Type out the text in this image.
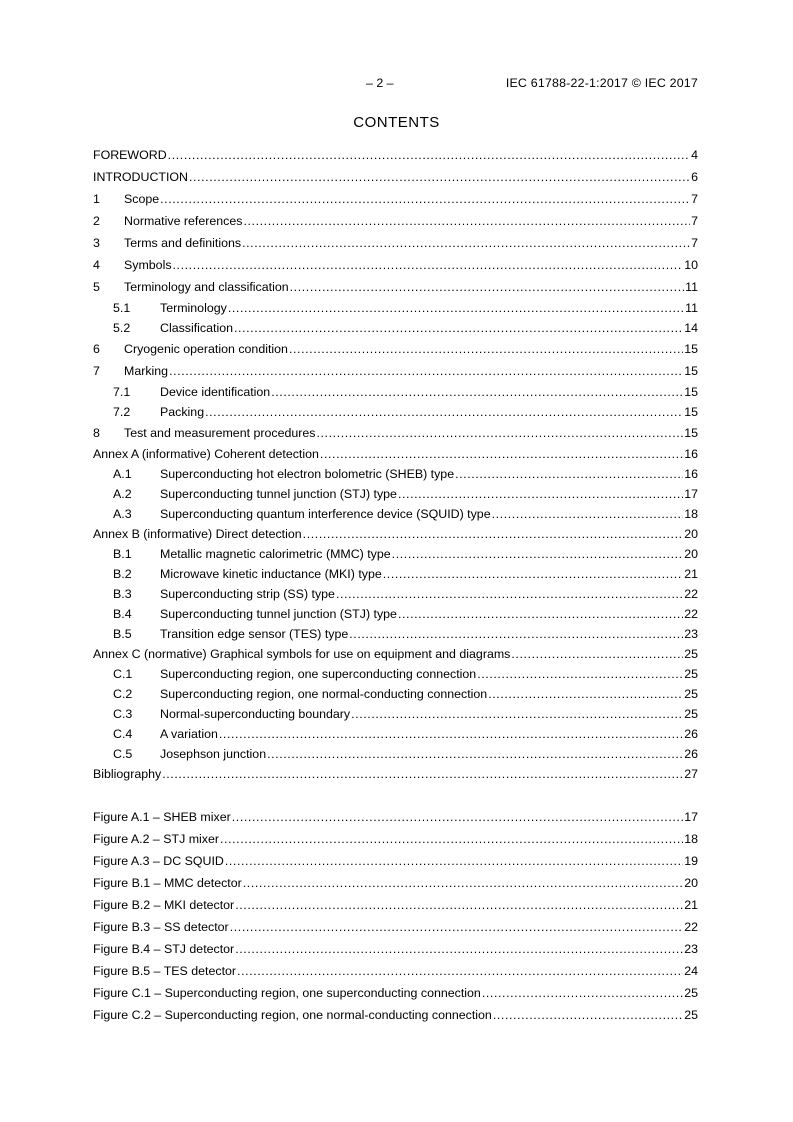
– 2 –	IEC 61788-22-1:2017 © IEC 2017
CONTENTS
FOREWORD .....	4
INTRODUCTION .....	6
1	Scope .....	7
2	Normative references .....	7
3	Terms and definitions .....	7
4	Symbols .....	10
5	Terminology and classification .....	11
5.1	Terminology .....	11
5.2	Classification .....	14
6	Cryogenic operation condition .....	15
7	Marking .....	15
7.1	Device identification .....	15
7.2	Packing .....	15
8	Test and measurement procedures .....	15
Annex A (informative) Coherent detection .....	16
A.1	Superconducting hot electron bolometric (SHEB) type .....	16
A.2	Superconducting tunnel junction (STJ) type .....	17
A.3	Superconducting quantum interference device (SQUID) type .....	18
Annex B (informative) Direct detection .....	20
B.1	Metallic magnetic calorimetric (MMC) type .....	20
B.2	Microwave kinetic inductance (MKI) type .....	21
B.3	Superconducting strip (SS) type .....	22
B.4	Superconducting tunnel junction (STJ) type .....	22
B.5	Transition edge sensor (TES) type .....	23
Annex C (normative) Graphical symbols for use on equipment and diagrams .....	25
C.1	Superconducting region, one superconducting connection .....	25
C.2	Superconducting region, one normal-conducting connection .....	25
C.3	Normal-superconducting boundary .....	25
C.4	A variation .....	26
C.5	Josephson junction .....	26
Bibliography .....	27
Figure A.1 – SHEB mixer .....	17
Figure A.2 – STJ mixer .....	18
Figure A.3 – DC SQUID .....	19
Figure B.1 – MMC detector .....	20
Figure B.2 – MKI detector .....	21
Figure B.3 – SS detector .....	22
Figure B.4 – STJ detector .....	23
Figure B.5 – TES detector .....	24
Figure C.1 – Superconducting region, one superconducting connection .....	25
Figure C.2 – Superconducting region, one normal-conducting connection .....	25
